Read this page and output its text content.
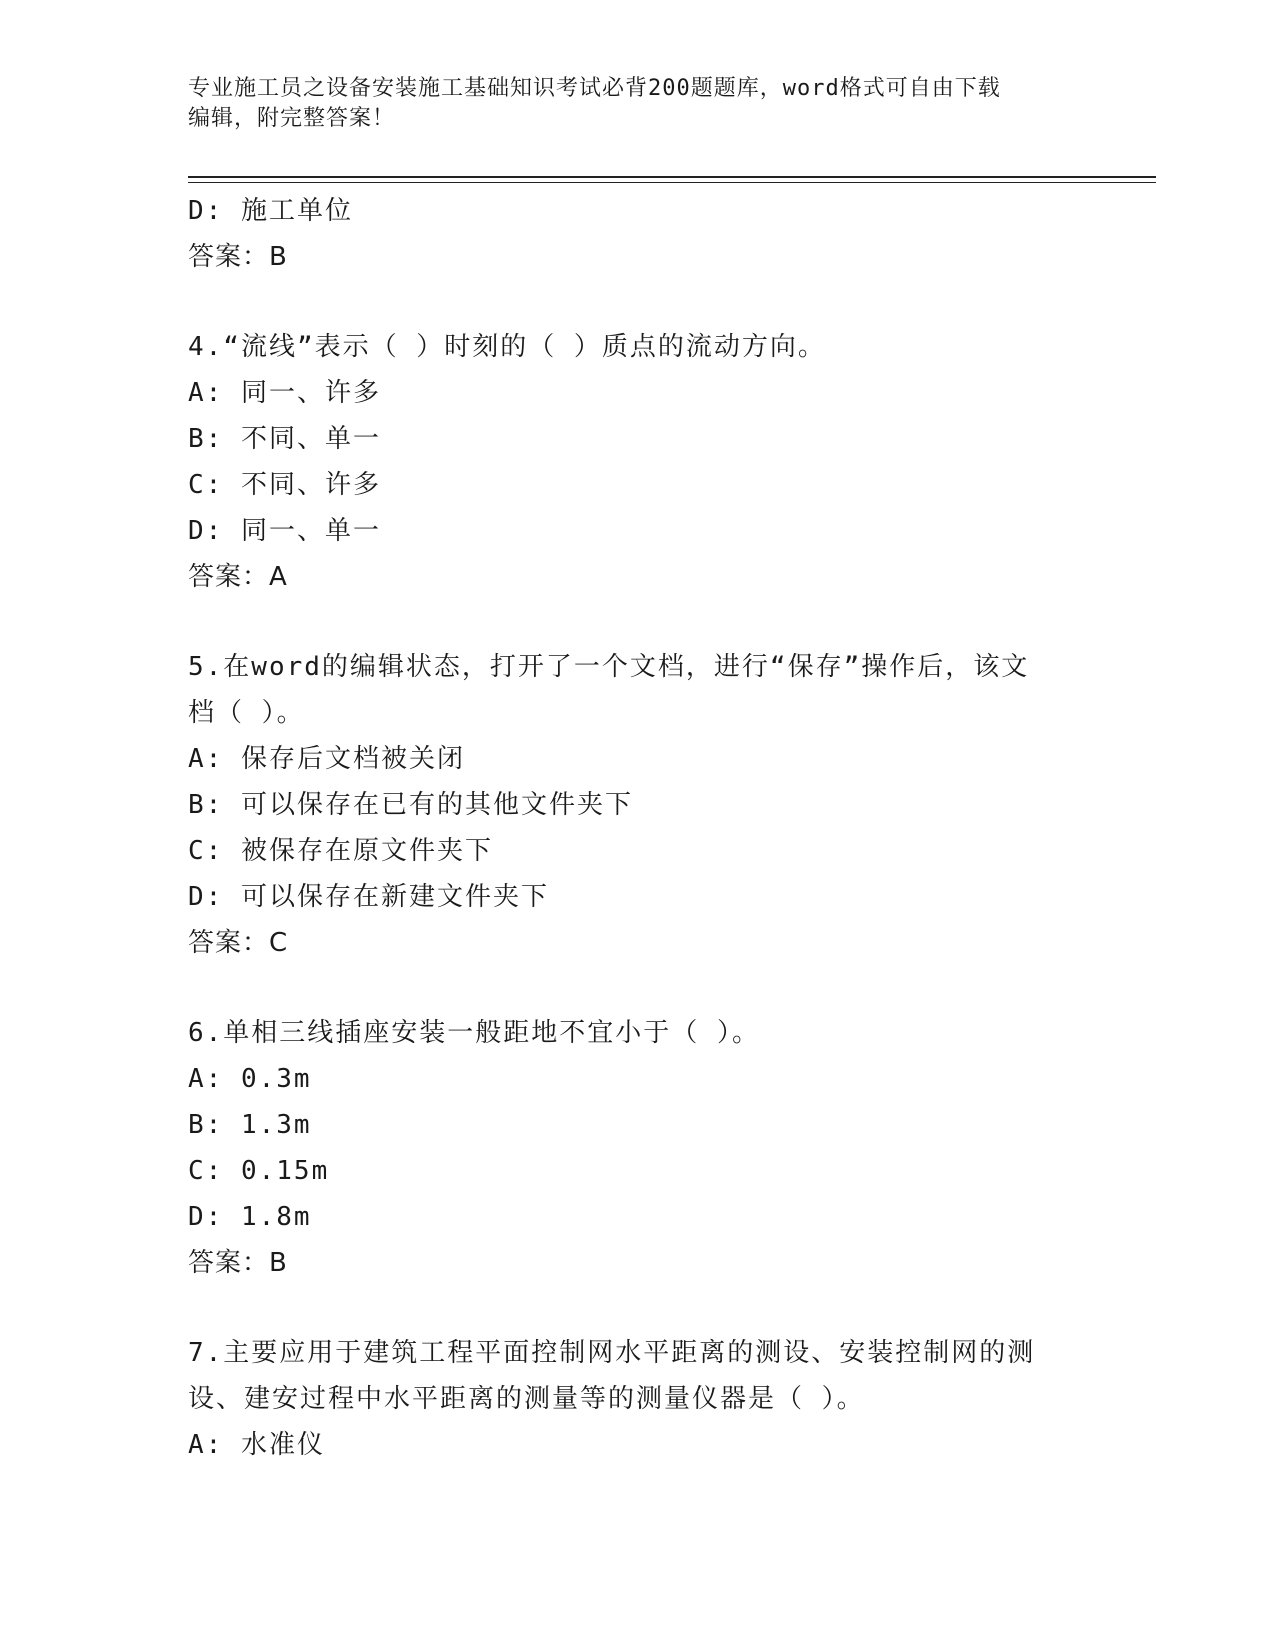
专业施工员之设备安装施工基础知识考试必背200题题库，word格式可自由下载
编辑，附完整答案！
D: 施工单位
答案：B
4.“流线”表示（ ）时刻的（ ）质点的流动方向。
A: 同一、许多
B: 不同、单一
C: 不同、许多
D: 同一、单一
答案：A
5.在word的编辑状态，打开了一个文档，进行“保存”操作后，该文
档（ ）。
A: 保存后文档被关闭
B: 可以保存在已有的其他文件夹下
C: 被保存在原文件夹下
D: 可以保存在新建文件夹下
答案：C
6.单相三线插座安装一般距地不宜小于（ ）。
A: 0.3m
B: 1.3m
C: 0.15m
D: 1.8m
答案：B
7.主要应用于建筑工程平面控制网水平距离的测设、安装控制网的测
设、建安过程中水平距离的测量等的测量仪器是（ ）。
A: 水准仪
